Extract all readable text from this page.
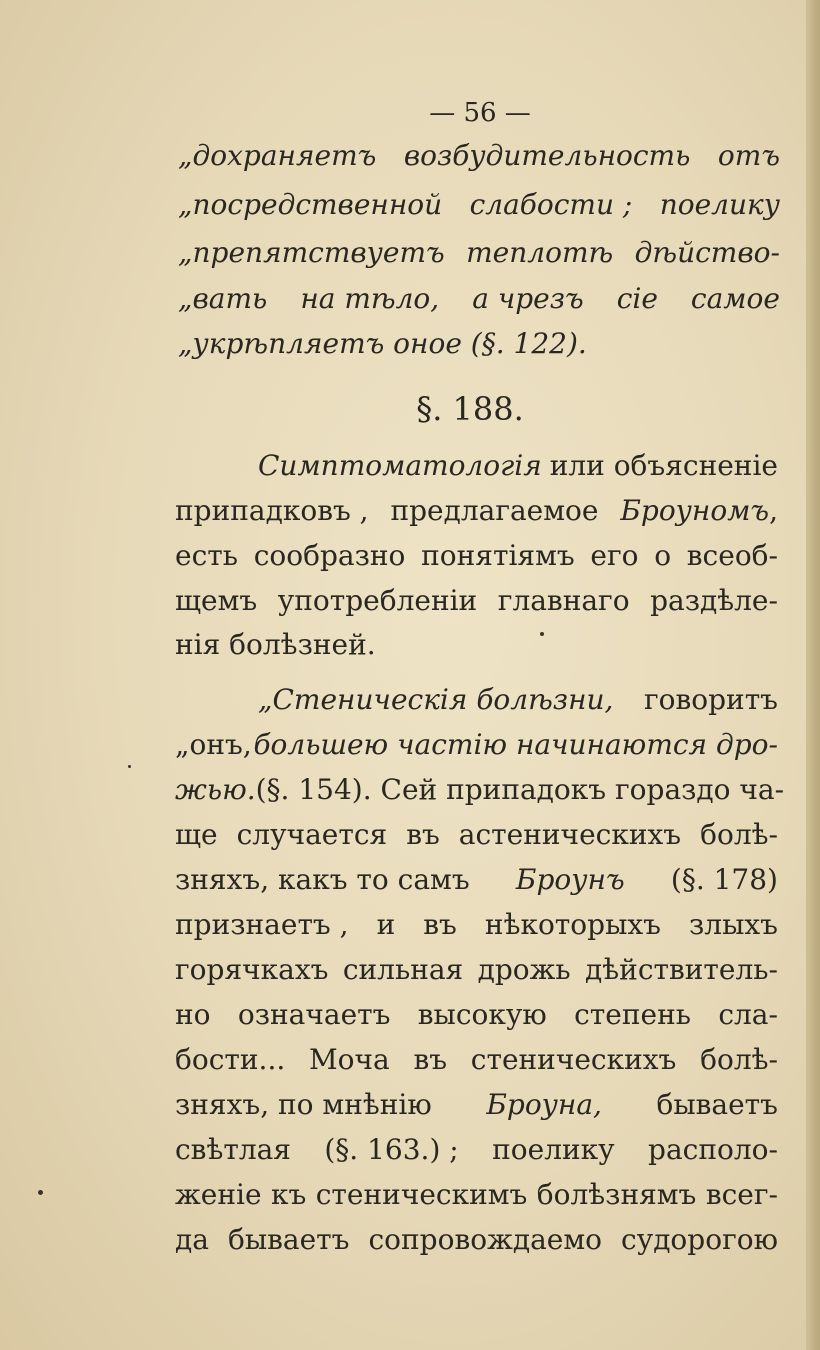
— 56 —
„дохраняетъ возбудительность отъ
„посредственной слабости ; поелику
„препятствуетъ теплотѣ дѣйство-
„вать на тѣло, а чрезъ сіе самое
„укрѣпляетъ оное (§. 122).
§. 188.
Симптоматологія или объясненіе
припадковъ , предлагаемое Броуномъ,
есть сообразно понятіямъ его о всеоб-
щемъ употребленіи главнаго раздѣле-
нія болѣзней.
„Стеническія болѣзни, говоритъ
„онъ, большею частію начинаются дро-
жью. (§. 154). Сей припадокъ гораздо ча-
ще случается въ астеническихъ болѣ-
зняхъ, какъ то самъ Броунъ (§. 178)
признаетъ , и въ нѣкоторыхъ злыхъ
горячкахъ сильная дрожь дѣйствитель-
но означаетъ высокую степень сла-
бости... Моча въ стеническихъ болѣ-
зняхъ, по мнѣнію Броуна, бываетъ
свѣтлая (§. 163.) ; поелику располо-
женіе къ стеническимъ болѣзнямъ всег-
да бываетъ сопровождаемо судорогою
